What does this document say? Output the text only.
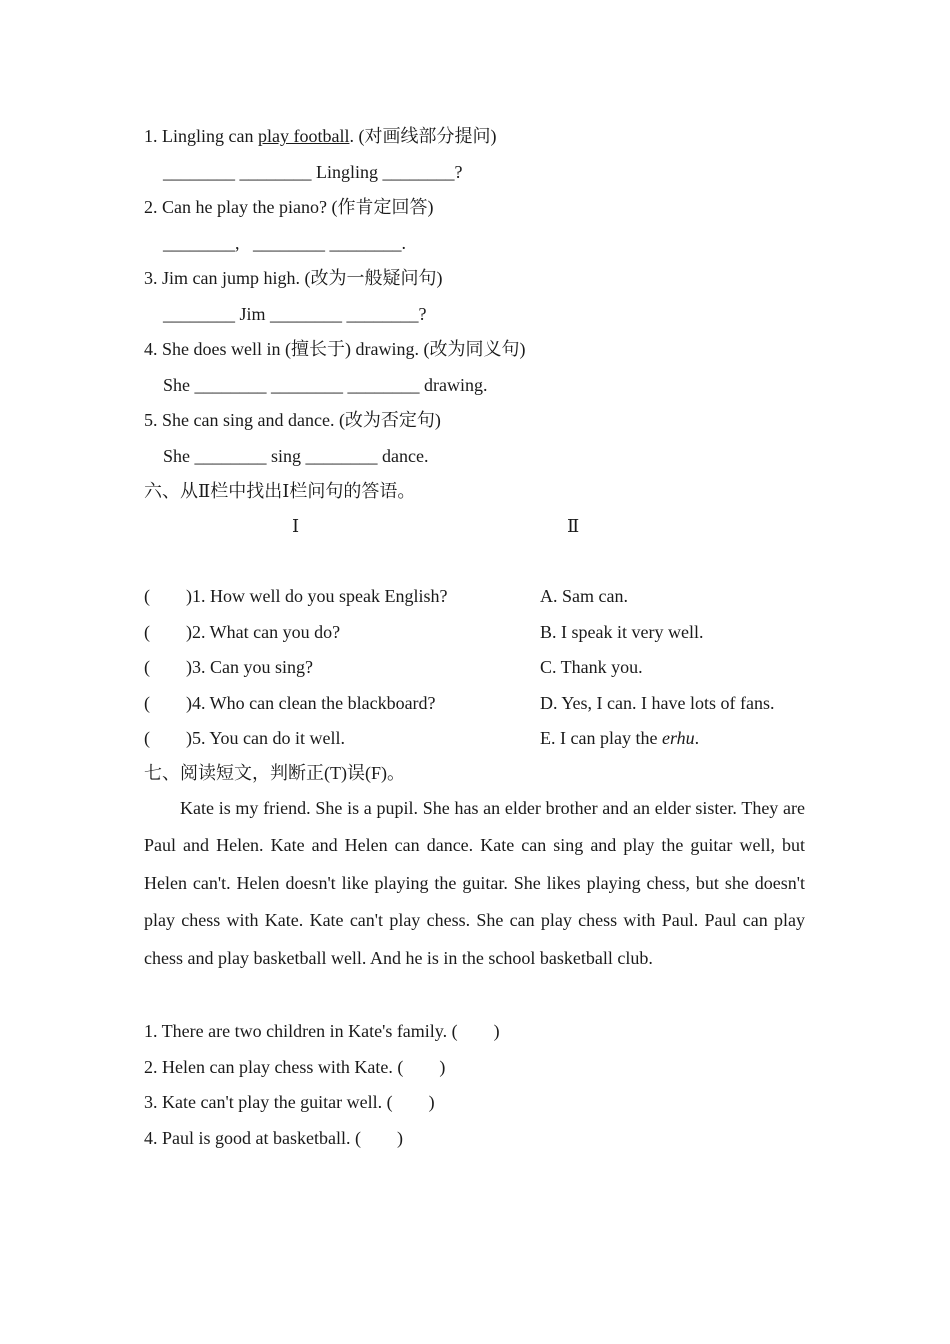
1. Lingling can play football. (对画线部分提问)
________ ________ Lingling ________?
2. Can he play the piano? (作肯定回答)
________,   ________ ________.
3. Jim can jump high. (改为一般疑问句)
________ Jim ________ ________?
4. She does well in (擅长于) drawing. (改为同义句)
She ________ ________ ________ drawing.
5. She can sing and dance. (改为否定句)
She ________ sing ________ dance.
六、从Ⅱ栏中找出Ⅰ栏问句的答语。
Ⅰ	Ⅱ
(        )1. How well do you speak English?	A. Sam can.
(        )2. What can you do?	B. I speak it very well.
(        )3. Can you sing?	C. Thank you.
(        )4. Who can clean the blackboard?	D. Yes, I can. I have lots of fans.
(        )5. You can do it well.	E. I can play the erhu.
七、阅读短文，判断正(T)误(F)。
Kate is my friend. She is a pupil. She has an elder brother and an elder sister. They are Paul and Helen. Kate and Helen can dance. Kate can sing and play the guitar well, but Helen can't. Helen doesn't like playing the guitar. She likes playing chess, but she doesn't play chess with Kate. Kate can't play chess. She can play chess with Paul. Paul can play chess and play basketball well. And he is in the school basketball club.
1. There are two children in Kate's family. (        )
2. Helen can play chess with Kate. (        )
3. Kate can't play the guitar well. (        )
4. Paul is good at basketball. (        )
